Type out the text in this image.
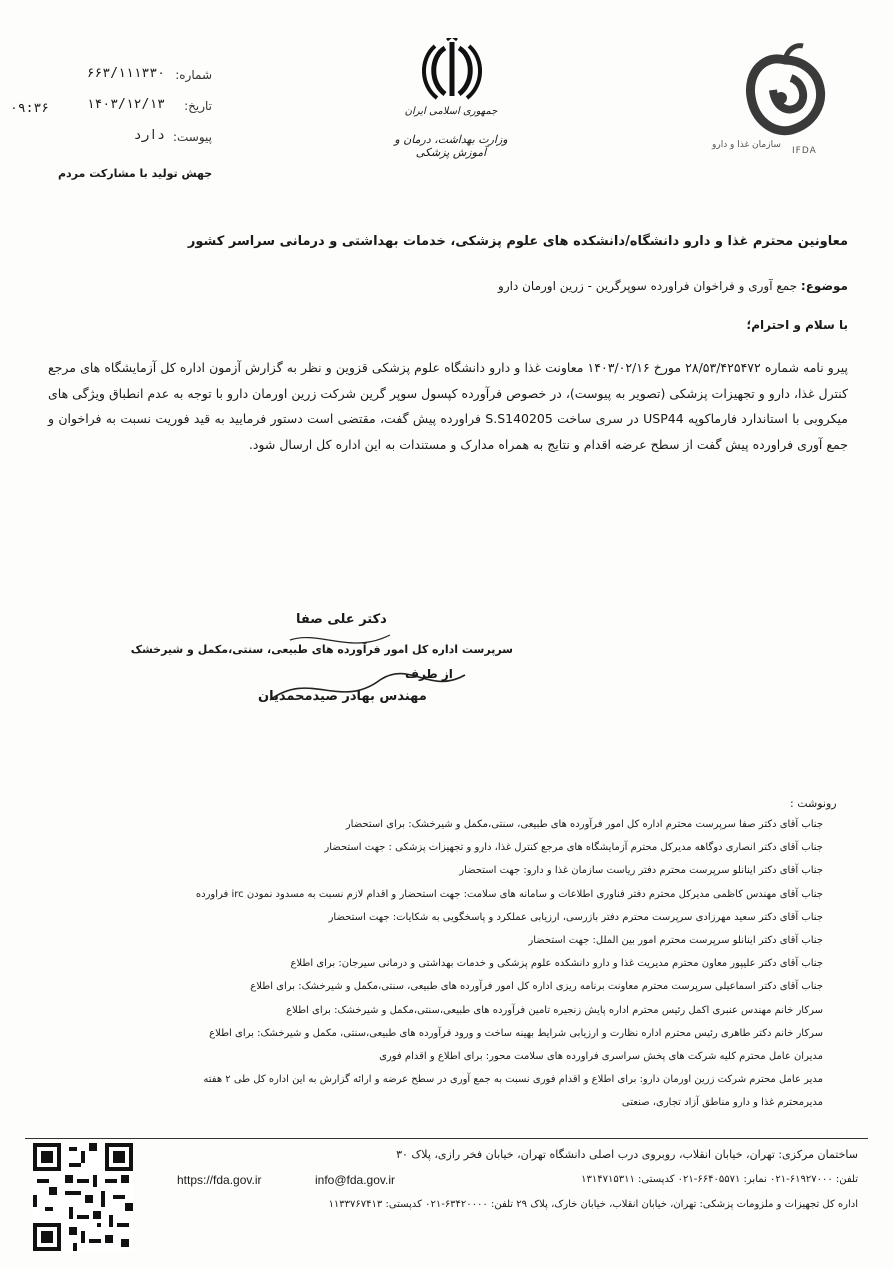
سازمان غذا و دارو
IFDA
جمهوری اسلامی ایران
وزارت بهداشت، درمان و آموزش پزشکی
شماره:
۶۶۳/۱۱۱۳۳۰
تاریخ:
۱۴۰۳/۱۲/۱۳
پیوست:
دارد
۰۹:۳۶
جهش تولید با مشارکت مردم
معاونین محترم غذا و دارو دانشگاه/دانشکده های علوم پزشکی، خدمات بهداشتی و درمانی سراسر کشور
موضوع: جمع آوری و فراخوان فراورده سوپرگرین - زرین اورمان دارو
با سلام و احترام؛
پیرو نامه شماره ۲۸/۵۳/۴۲۵۴۷۲ مورخ ۱۴۰۳/۰۲/۱۶ معاونت غذا و دارو دانشگاه علوم پزشکی قزوین و نظر به گزارش آزمون اداره کل آزمایشگاه های مرجع کنترل غذا، دارو و تجهیزات پزشکی (تصویر به پیوست)، در خصوص فرآورده کپسول سوپر گرین شرکت زرین اورمان دارو با توجه به عدم انطباق ویژگی های میکروبی با استاندارد فارماکوپه USP44 در سری ساخت S.S140205 فراورده پیش گفت، مقتضی است دستور فرمایید به قید فوریت نسبت به فراخوان و جمع آوری فراورده پیش گفت از سطح عرضه اقدام و نتایج به همراه مدارک و مستندات به این اداره کل ارسال شود.
دکتر علی صفا
سرپرست اداره کل امور فرآورده های طبیعی، سنتی،مکمل و شیرخشک
از طرف
مهندس بهادر صیدمحمدیان
رونوشت :
جناب آقای دکتر صفا سرپرست محترم اداره کل امور فرآورده های طبیعی، سنتی،مکمل و شیرخشک: برای استحضار
جناب آقای دکتر انصاری دوگاهه مدیرکل محترم آزمایشگاه های مرجع کنترل غذا، دارو و تجهیزات پزشکی : جهت استحضار
جناب آقای دکتر اینانلو سرپرست محترم دفتر ریاست سازمان غذا و دارو: جهت استحضار
جناب آقای مهندس کاظمی مدیرکل محترم دفتر فناوری اطلاعات و سامانه های سلامت: جهت استحضار و اقدام لازم نسبت به مسدود نمودن irc فراورده
جناب آقای دکتر سعید مهرزادی سرپرست محترم دفتر بازرسی، ارزیابی عملکرد و پاسخگویی به شکایات: جهت استحضار
جناب آقای دکتر اینانلو سرپرست محترم امور بین الملل: جهت استحضار
جناب آقای دکتر علیپور معاون محترم مدیریت غذا و دارو دانشکده علوم پزشکی و خدمات بهداشتی و درمانی سیرجان: برای اطلاع
جناب آقای دکتر اسماعیلی سرپرست محترم معاونت برنامه ریزی اداره کل امور فرآورده های طبیعی، سنتی،مکمل و شیرخشک: برای اطلاع
سرکار خانم مهندس عنبری اکمل رئیس محترم اداره پایش زنجیره تامین فرآورده های طبیعی،سنتی،مکمل و شیرخشک: برای اطلاع
سرکار خانم دکتر طاهری رئیس محترم اداره نظارت و ارزیابی شرایط بهینه ساخت و ورود فرآورده های طبیعی،سنتی، مکمل و شیرخشک: برای اطلاع
مدیران عامل محترم کلیه شرکت های پخش سراسری فراورده های سلامت محور: برای اطلاع و اقدام فوری
مدیر عامل محترم شرکت زرین اورمان دارو: برای اطلاع و اقدام فوری نسبت به جمع آوری در سطح عرضه و ارائه گزارش به این اداره کل طی ۲ هفته
مدیرمحترم غذا و دارو مناطق آزاد تجاری، صنعتی
ساختمان مرکزی: تهران، خیابان انقلاب، روبروی درب اصلی دانشگاه تهران، خیابان فخر رازی، پلاک ۳۰
تلفن: ۶۱۹۲۷۰۰۰-۰۲۱ نمابر: ۶۶۴۰۵۵۷۱-۰۲۱ کدپستی: ۱۳۱۴۷۱۵۳۱۱
https://fda.gov.ir	info@fda.gov.ir
اداره کل تجهیزات و ملزومات پزشکی: تهران، خیابان انقلاب، خیابان خارک، پلاک ۲۹ تلفن: ۶۳۴۲۰۰۰۰-۰۲۱ کدپستی: ۱۱۳۳۷۶۷۴۱۳
